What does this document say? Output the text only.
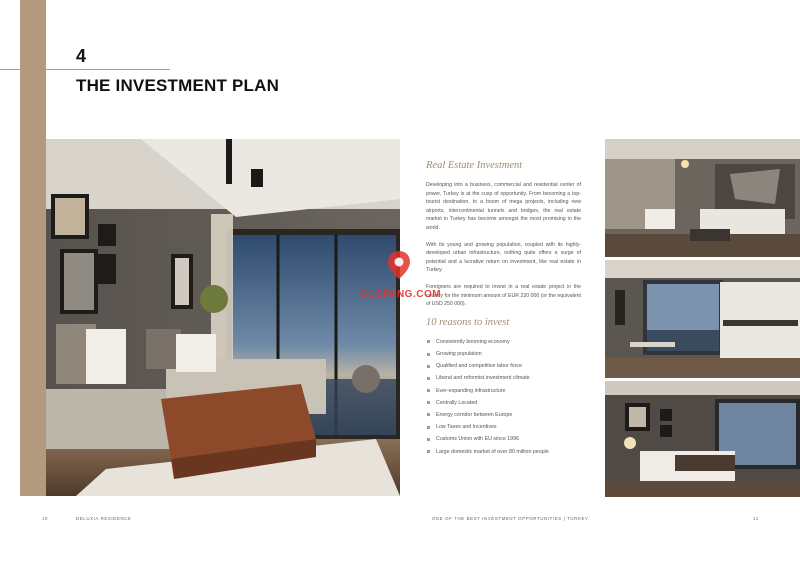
4
THE INVESTMENT PLAN
Real Estate Investment

Developing into a business, commercial and residential center of power, Turkey is at the cusp of opportunity. From becoming a top-tourist destination, to a boom of mega projects, including new airports, intercontinental tunnels and bridges, the real estate market in Turkey has become amongst the most promising in the world.

With its young and growing population, coupled with its highly-developed urban infrastructure, nothing quite offers a surge of potential and a lucrative return on investment, like real estate in Turkey.

Foreigners are required to invest in a real estate project in the country for the minimum amount of EUR 220 000 (or the equivalent of USD 250 000).

10 reasons to invest
Consistently booming economy
Growing population
Qualified and competitive labor force
Liberal and reformist investment climate
Ever-expanding infrastructure
Centrally Located
Energy corridor between Europe
Low Taxes and Incentives
Customs Union with EU since 1996
Large domestic market of over 80 million people
GLOFANG.COM
10	DELUXIA RESIDENCE	ONE OF THE BEST INVESTMENT OPPORTUNITIES | TURKEY	11
